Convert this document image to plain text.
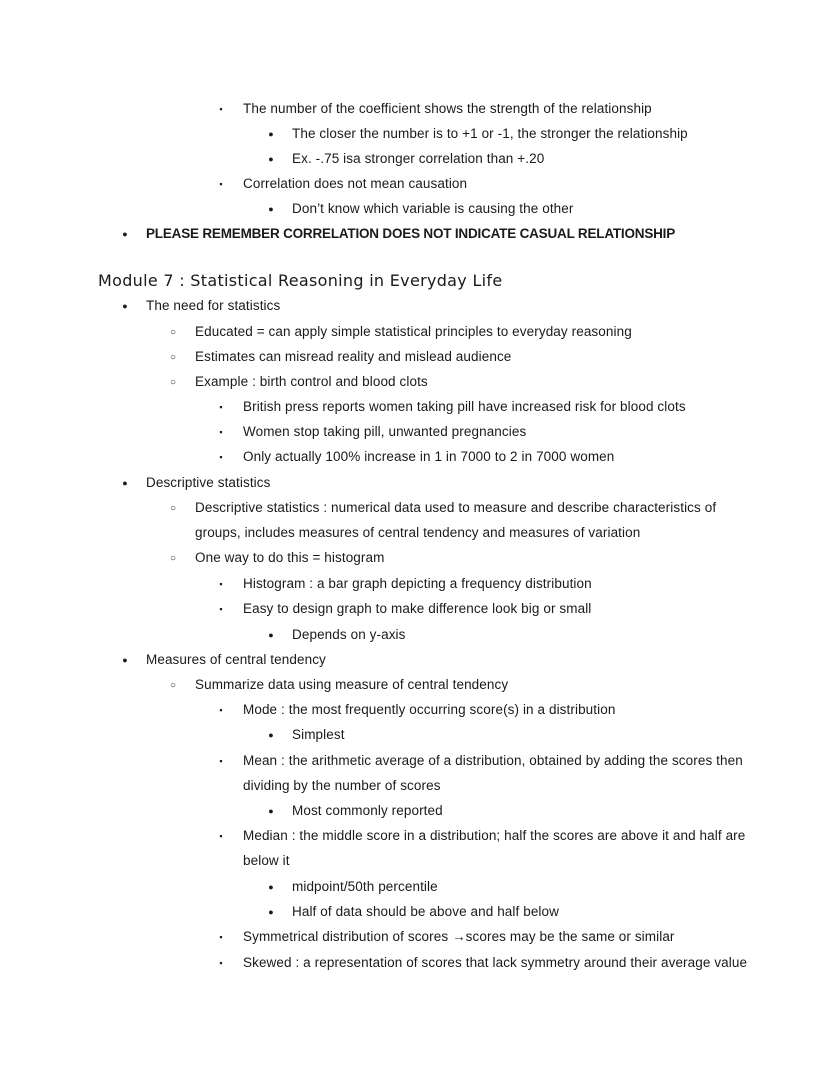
▪
The number of the coefficient shows the strength of the relationship
●
The closer the number is to +1 or -1, the stronger the relationship
●
Ex. -.75 isa stronger correlation than +.20
▪
Correlation does not mean causation
●
Don’t know which variable is causing the other
●
PLEASE REMEMBER CORRELATION DOES NOT INDICATE CASUAL RELATIONSHIP
Module 7 : Statistical Reasoning in Everyday Life
●
The need for statistics
○
Educated = can apply simple statistical principles to everyday reasoning
○
Estimates can misread reality and mislead audience
○
Example : birth control and blood clots
▪
British press reports women taking pill have increased risk for blood clots
▪
Women stop taking pill, unwanted pregnancies
▪
Only actually 100% increase in 1 in 7000 to 2 in 7000 women
●
Descriptive statistics
○
Descriptive statistics : numerical data used to measure and describe characteristics of
groups, includes measures of central tendency and measures of variation
○
One way to do this = histogram
▪
Histogram : a bar graph depicting a frequency distribution
▪
Easy to design graph to make difference look big or small
●
Depends on y-axis
●
Measures of central tendency
○
Summarize data using measure of central tendency
▪
Mode : the most frequently occurring score(s) in a distribution
●
Simplest
▪
Mean : the arithmetic average of a distribution, obtained by adding the scores then
dividing by the number of scores
●
Most commonly reported
▪
Median : the middle score in a distribution; half the scores are above it and half are
below it
●
midpoint/50th percentile
●
Half of data should be above and half below
▪
Symmetrical distribution of scores →scores may be the same or similar
▪
Skewed : a representation of scores that lack symmetry around their average value
